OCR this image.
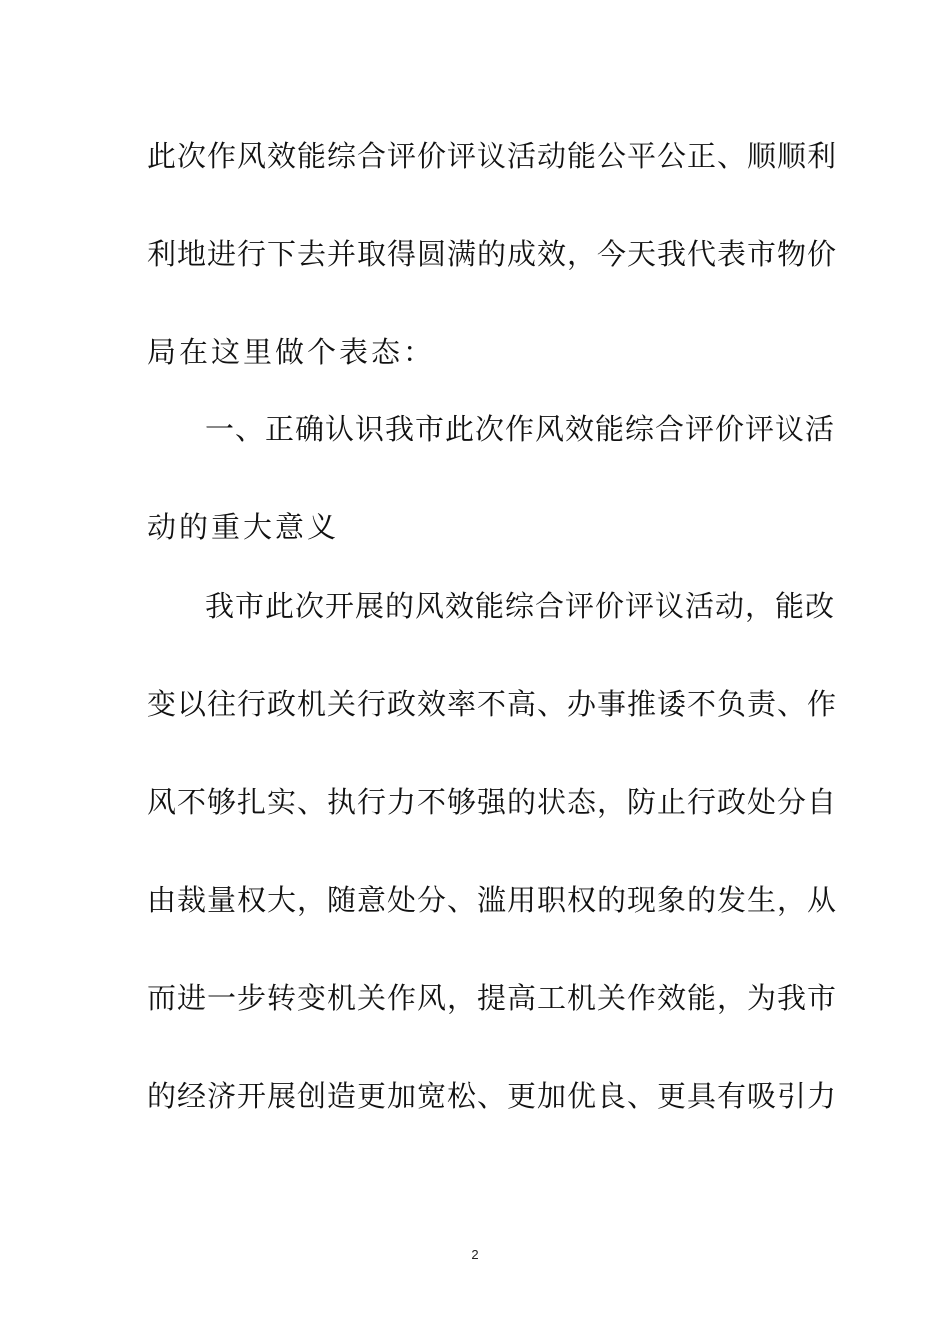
此次作风效能综合评价评议活动能公平公正、顺顺利
利地进行下去并取得圆满的成效，今天我代表市物价
局在这里做个表态：
一、正确认识我市此次作风效能综合评价评议活
动的重大意义
我市此次开展的风效能综合评价评议活动，能改
变以往行政机关行政效率不高、办事推诿不负责、作
风不够扎实、执行力不够强的状态，防止行政处分自
由裁量权大，随意处分、滥用职权的现象的发生，从
而进一步转变机关作风，提高工机关作效能，为我市
的经济开展创造更加宽松、更加优良、更具有吸引力
2
